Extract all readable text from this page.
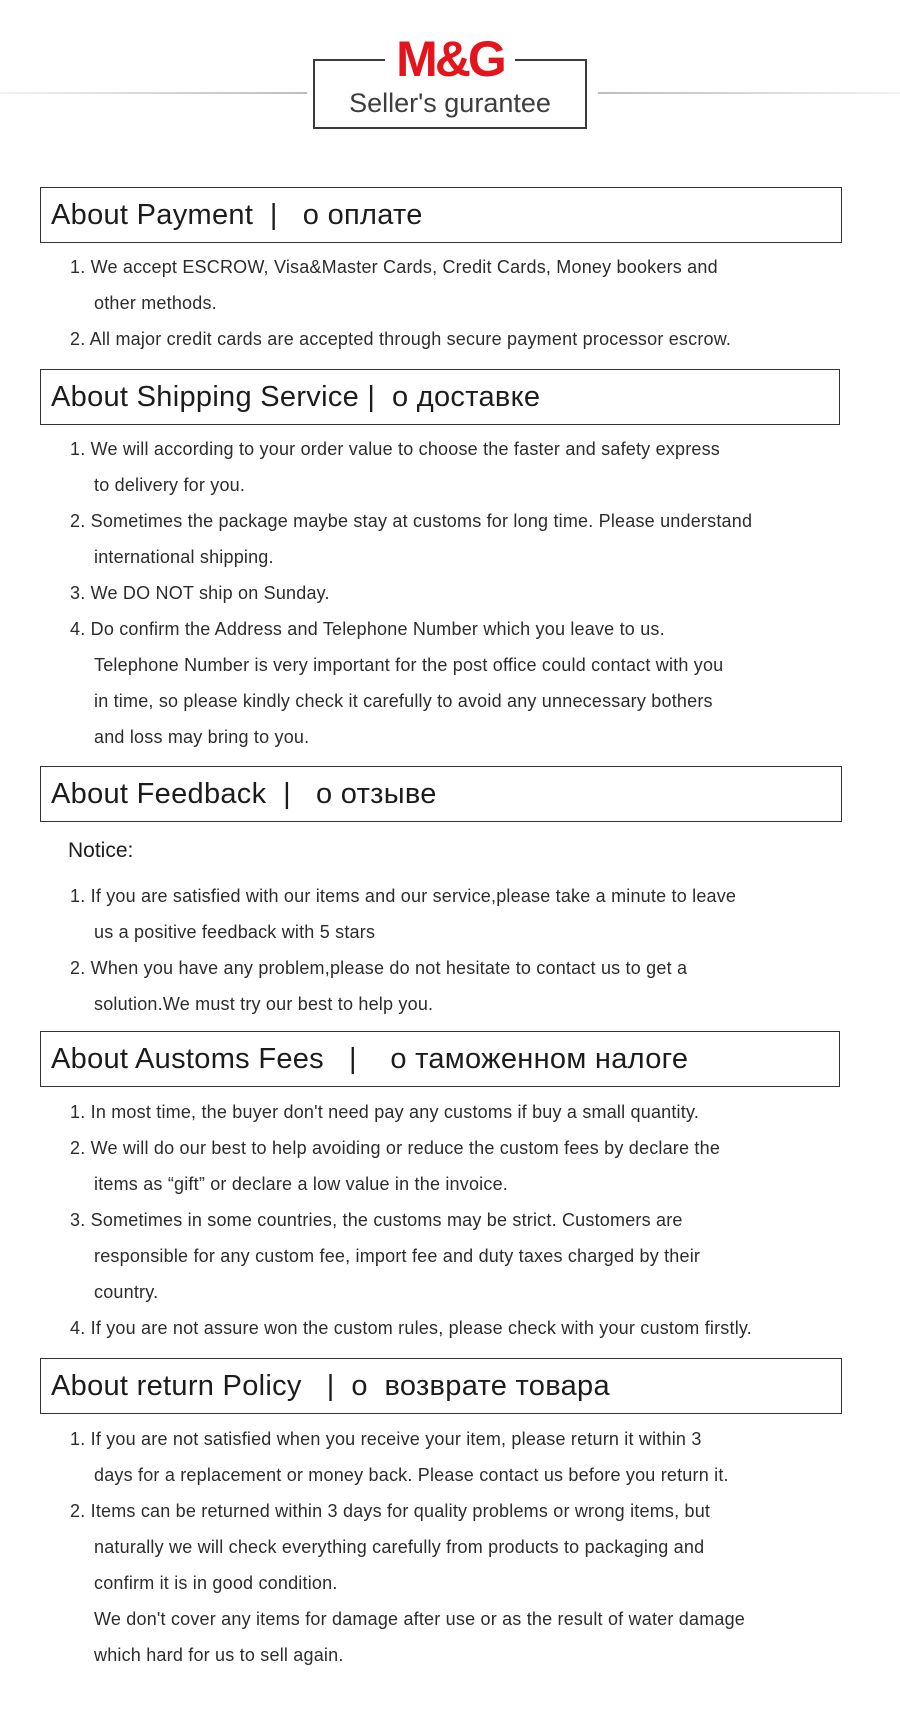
M&G
Seller's gurantee
About Payment  |   о оплате
1. We accept ESCROW, Visa&Master Cards, Credit Cards, Money bookers and
other methods.
2. All major credit cards are accepted through secure payment processor escrow.
About Shipping Service |  о доставке
1. We will according to your order value to choose the faster and safety express
to delivery for you.
2. Sometimes the package maybe stay at customs for long time. Please understand
international shipping.
3. We DO NOT ship on Sunday.
4. Do confirm the Address and Telephone Number which you leave to us.
Telephone Number is very important for the post office could contact with you
in time, so please kindly check it carefully to avoid any unnecessary bothers
and loss may bring to you.
About Feedback  |   о отзыве
Notice:
1. If you are satisfied with our items and our service,please take a minute to leave
us a positive feedback with 5 stars
2. When you have any problem,please do not hesitate to contact us to get a
solution.We must try our best to help you.
About Austoms Fees   |    о таможенном налоге
1. In most time, the buyer don't need pay any customs if buy a small quantity.
2. We will do our best to help avoiding or reduce the custom fees by declare the
items as “gift” or declare a low value in the invoice.
3. Sometimes in some countries, the customs may be strict. Customers are
responsible for any custom fee, import fee and duty taxes charged by their
country.
4. If you are not assure won the custom rules, please check with your custom firstly.
About return Policy   |  о  возврате товара
1. If you are not satisfied when you receive your item, please return it within 3
days for a replacement or money back. Please contact us before you return it.
2. Items can be returned within 3 days for quality problems or wrong items, but
naturally we will check everything carefully from products to packaging and
confirm it is in good condition.
We don't cover any items for damage after use or as the result of water damage
which hard for us to sell again.
